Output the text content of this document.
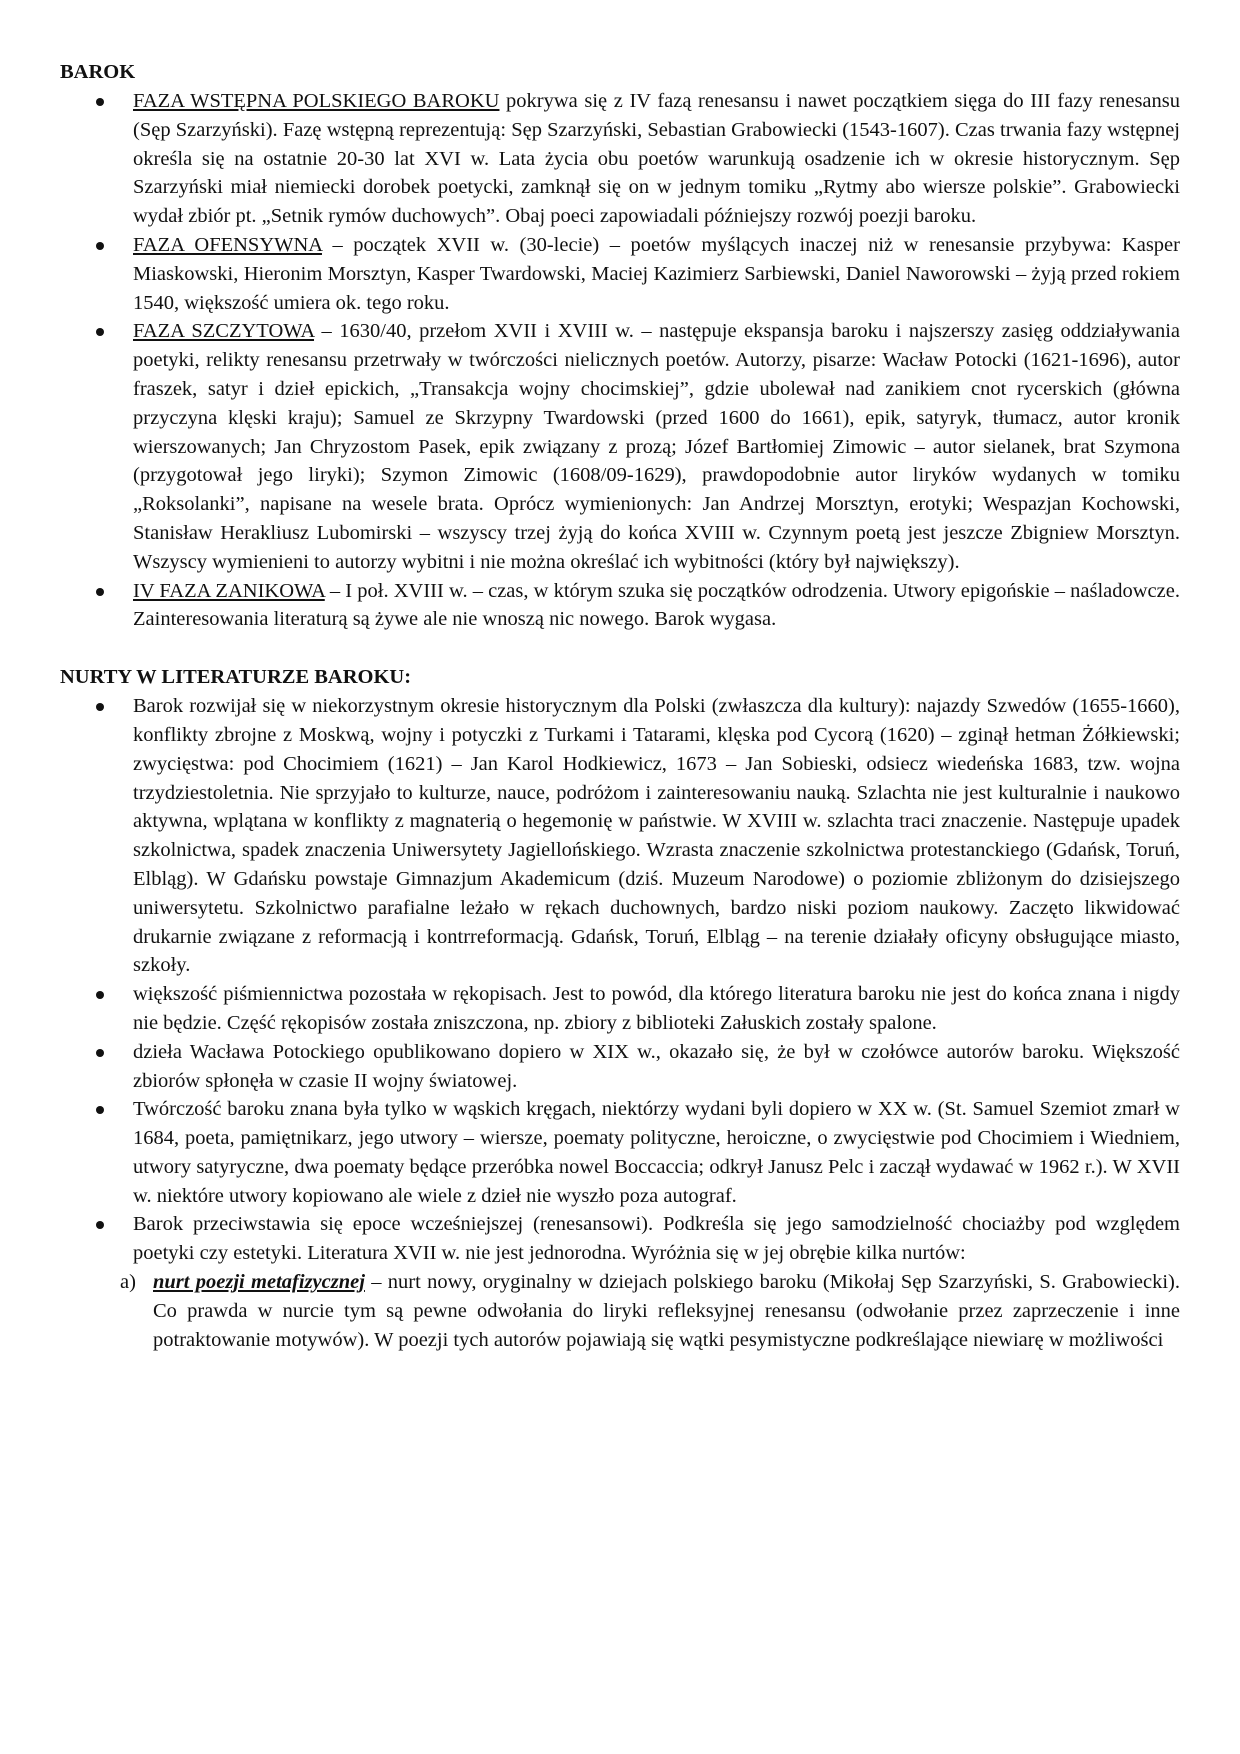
BAROK

FAZA WSTĘPNA POLSKIEGO BAROKU pokrywa się z IV fazą renesansu i nawet początkiem sięga do III fazy renesansu (Sęp Szarzyński). Fazę wstępną reprezentują: Sęp Szarzyński, Sebastian Grabowiecki (1543-1607). Czas trwania fazy wstępnej określa się na ostatnie 20-30 lat XVI w. Lata życia obu poetów warunkują osadzenie ich w okresie historycznym. Sęp Szarzyński miał niemiecki dorobek poetycki, zamknął się on w jednym tomiku „Rytmy abo wiersze polskie”. Grabowiecki wydał zbiór pt. „Setnik rymów duchowych”. Obaj poeci zapowiadali późniejszy rozwój poezji baroku.
FAZA OFENSYWNA – początek XVII w. (30-lecie) – poetów myślących inaczej niż w renesansie przybywa: Kasper Miaskowski, Hieronim Morsztyn, Kasper Twardowski, Maciej Kazimierz Sarbiewski, Daniel Naworowski – żyją przed rokiem 1540, większość umiera ok. tego roku.
FAZA SZCZYTOWA – 1630/40, przełom XVII i XVIII w. – następuje ekspansja baroku i najszerszy zasięg oddziaływania poetyki, relikty renesansu przetrwały w twórczości nielicznych poetów. Autorzy, pisarze: Wacław Potocki (1621-1696), autor fraszek, satyr i dzieł epickich, „Transakcja wojny chocimskiej”, gdzie ubolewał nad zanikiem cnot rycerskich (główna przyczyna klęski kraju); Samuel ze Skrzypny Twardowski (przed 1600 do 1661), epik, satyryk, tłumacz, autor kronik wierszowanych; Jan Chryzostom Pasek, epik związany z prozą; Józef Bartłomiej Zimowic – autor sielanek, brat Szymona (przygotował jego liryki); Szymon Zimowic (1608/09-1629), prawdopodobnie autor liryków wydanych w tomiku „Roksolanki”, napisane na wesele brata. Oprócz wymienionych: Jan Andrzej Morsztyn, erotyki; Wespazjan Kochowski, Stanisław Herakliusz Lubomirski – wszyscy trzej żyją do końca XVIII w. Czynnym poetą jest jeszcze Zbigniew Morsztyn. Wszyscy wymienieni to autorzy wybitni i nie można określać ich wybitności (który był największy).
IV FAZA ZANIKOWA – I poł. XVIII w. – czas, w którym szuka się początków odrodzenia. Utwory epigońskie – naśladowcze. Zainteresowania literaturą są żywe ale nie wnoszą nic nowego. Barok wygasa.

NURTY W LITERATURZE BAROKU:

Barok rozwijał się w niekorzystnym okresie historycznym dla Polski (zwłaszcza dla kultury): najazdy Szwedów (1655-1660), konflikty zbrojne z Moskwą, wojny i potyczki z Turkami i Tatarami, klęska pod Cycorą (1620) – zginął hetman Żółkiewski; zwycięstwa: pod Chocimiem (1621) – Jan Karol Hodkiewicz, 1673 – Jan Sobieski, odsiecz wiedeńska 1683, tzw. wojna trzydziestoletnia. Nie sprzyjało to kulturze, nauce, podróżom i zainteresowaniu nauką. Szlachta nie jest kulturalnie i naukowo aktywna, wplątana w konflikty z magnaterią o hegemonię w państwie. W XVIII w. szlachta traci znaczenie. Następuje upadek szkolnictwa, spadek znaczenia Uniwersytety Jagiellońskiego. Wzrasta znaczenie szkolnictwa protestanckiego (Gdańsk, Toruń, Elbląg). W Gdańsku powstaje Gimnazjum Akademicum (dziś. Muzeum Narodowe) o poziomie zbliżonym do dzisiejszego uniwersytetu. Szkolnictwo parafialne leżało w rękach duchownych, bardzo niski poziom naukowy. Zaczęto likwidować drukarnie związane z reformacją i kontrreformacją. Gdańsk, Toruń, Elbląg – na terenie działały oficyny obsługujące miasto, szkoły.
większość piśmiennictwa pozostała w rękopisach. Jest to powód, dla którego literatura baroku nie jest do końca znana i nigdy nie będzie. Część rękopisów została zniszczona, np. zbiory z biblioteki Załuskich zostały spalone.
dzieła Wacława Potockiego opublikowano dopiero w XIX w., okazało się, że był w czołówce autorów baroku. Większość zbiorów spłonęła w czasie II wojny światowej.
Twórczość baroku znana była tylko w wąskich kręgach, niektórzy wydani byli dopiero w XX w. (St. Samuel Szemiot zmarł w 1684, poeta, pamiętnikarz, jego utwory – wiersze, poematy polityczne, heroiczne, o zwycięstwie pod Chocimiem i Wiedniem, utwory satyryczne, dwa poematy będące przeróbka nowel Boccaccia; odkrył Janusz Pelc i zaczął wydawać w 1962 r.). W XVII w. niektóre utwory kopiowano ale wiele z dzieł nie wyszło poza autograf.
Barok przeciwstawia się epoce wcześniejszej (renesansowi). Podkreśla się jego samodzielność chociażby pod względem poetyki czy estetyki. Literatura XVII w. nie jest jednorodna. Wyróżnia się w jej obrębie kilka nurtów:
a) nurt poezji metafizycznej – nurt nowy, oryginalny w dziejach polskiego baroku (Mikołaj Sęp Szarzyński, S. Grabowiecki). Co prawda w nurcie tym są pewne odwołania do liryki refleksyjnej renesansu (odwołanie przez zaprzeczenie i inne potraktowanie motywów). W poezji tych autorów pojawiają się wątki pesymistyczne podkreślające niewiarę w możliwości
